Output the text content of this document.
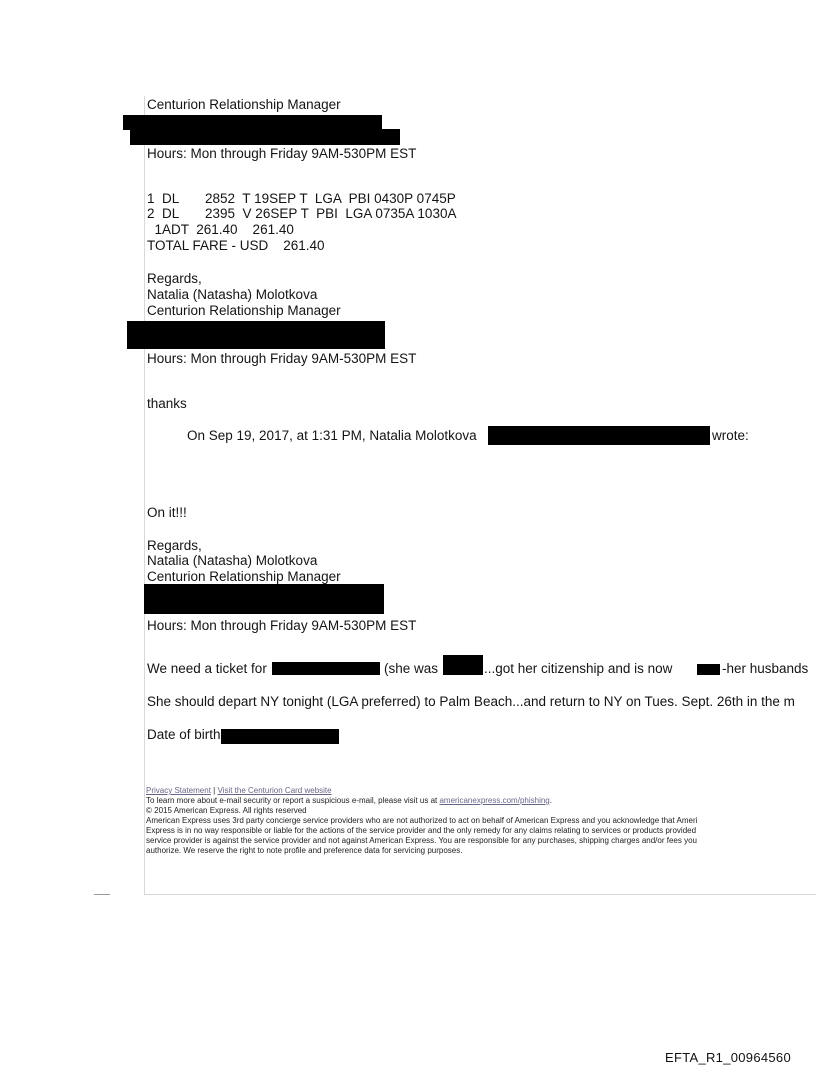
Centurion Relationship Manager
Hours: Mon through Friday 9AM-530PM EST
1  DL       2852  T 19SEP T  LGA  PBI 0430P 0745P
2  DL       2395  V 26SEP T  PBI  LGA 0735A 1030A
1ADT  261.40    261.40
TOTAL FARE - USD    261.40
Regards,
Natalia (Natasha) Molotkova
Centurion Relationship Manager
Hours: Mon through Friday 9AM-530PM EST
thanks
On Sep 19, 2017, at 1:31 PM, Natalia Molotkova	wrote:
On it!!!
Regards,
Natalia (Natasha) Molotkova
Centurion Relationship Manager
Hours: Mon through Friday 9AM-530PM EST
We need a ticket for	(she was	...got her citizenship and is now	-her husbands
She should depart NY tonight (LGA preferred) to Palm Beach...and return to NY on Tues. Sept. 26th in the m
Date of birth
Privacy Statement | Visit the Centurion Card website
To learn more about e-mail security or report a suspicious e-mail, please visit us at americanexpress.com/phishing.
© 2015 American Express. All rights reserved
American Express uses 3rd party concierge service providers who are not authorized to act on behalf of American Express and you acknowledge that Ameri
Express is in no way responsible or liable for the actions of the service provider and the only remedy for any claims relating to services or products provided
service provider is against the service provider and not against American Express. You are responsible for any purchases, shipping charges and/or fees you
authorize. We reserve the right to note profile and preference data for servicing purposes.
EFTA_R1_00964560
